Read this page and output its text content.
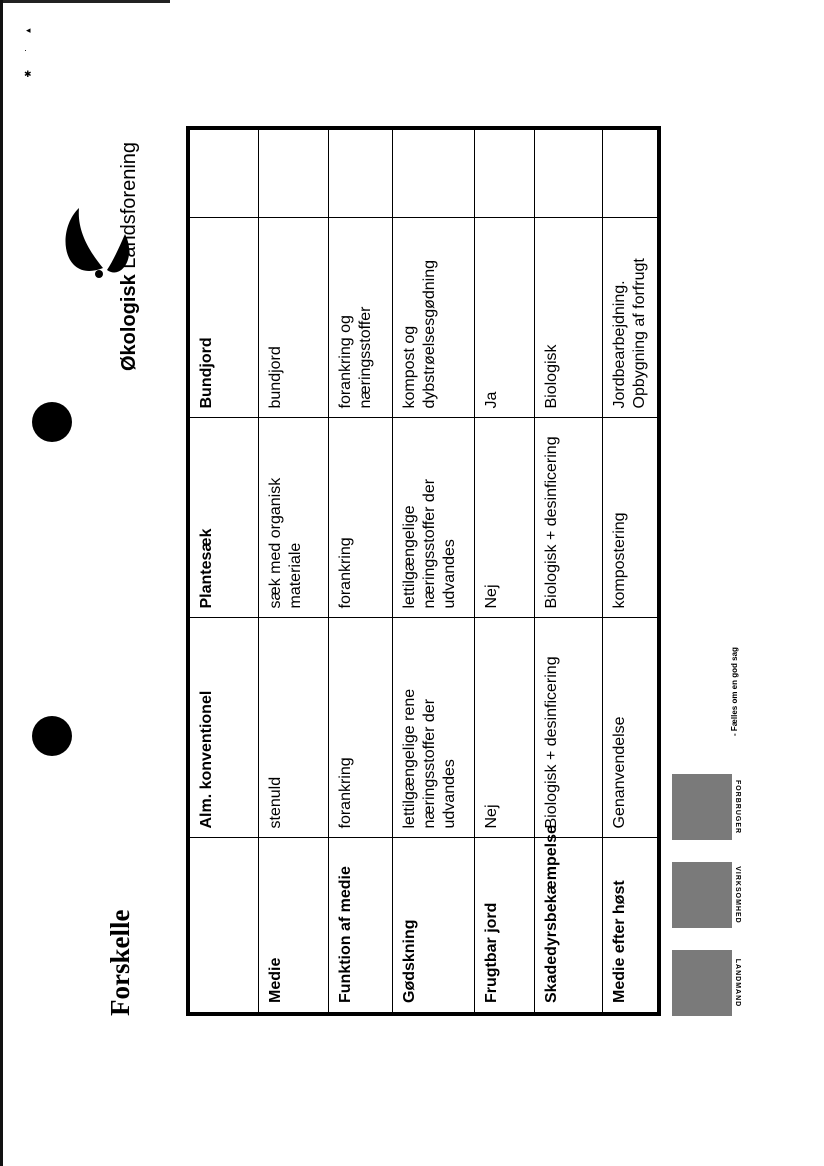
◂
·
✱
Forskelle
Økologisk Landsforening
	Alm. konventionel	Plantesæk	Bundjord	
Medie	stenuld	sæk med organisk materiale	bundjord	
Funktion af medie	forankring	forankring	forankring og næringsstoffer	
Gødskning	lettilgængelige rene næringsstoffer der udvandes	lettilgængelige næringsstoffer der udvandes	kompost og dybstrøelsesgødning	
Frugtbar jord	Nej	Nej	Ja	
Skadedyrsbekæmpelse	Biologisk + desinficering	Biologisk + desinficering	Biologisk	
Medie efter høst	Genanvendelse	kompostering	Jordbearbejdning. Opbygning af forfrugt	
LANDMAND
VIRKSOMHED
FORBRUGER
- Fælles om en god sag
